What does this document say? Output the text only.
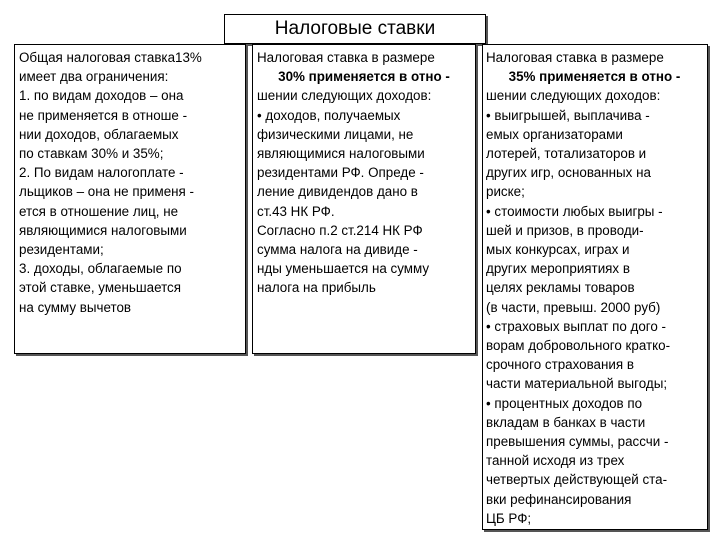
Налоговые ставки
Общая налоговая ставка13%
имеет два ограничения:
1. по видам доходов – она
не применяется в отноше -
нии доходов, облагаемых
по ставкам 30% и 35%;
2. По видам налогоплате -
льщиков – она не применя -
ется в отношение лиц, не
являющимися налоговыми
резидентами;
3. доходы, облагаемые по
этой ставке, уменьшается
на сумму вычетов
Налоговая ставка в размере
30% применяется в отно -
шении следующих доходов:
• доходов, получаемых
физическими лицами, не
являющимися налоговыми
резидентами РФ. Опреде -
ление дивидендов дано в
ст.43 НК РФ.
Согласно п.2 ст.214 НК РФ
сумма налога на дивиде -
нды уменьшается на сумму
налога на прибыль
Налоговая ставка в размере
35% применяется в отно -
шении следующих доходов:
• выигрышей, выплачива -
емых организаторами
лотерей, тотализаторов и
других игр, основанных на
риске;
• стоимости любых выигры -
шей и призов, в проводи-
мых конкурсах, играх и
других мероприятиях в
целях рекламы товаров
(в части, превыш. 2000 руб)
• страховых выплат по дого -
ворам добровольного кратко-
срочного страхования в
части материальной выгоды;
• процентных доходов по
вкладам в банках в части
превышения суммы, рассчи -
танной исходя из трех
четвертых действующей ста-
вки рефинансирования
ЦБ РФ;
